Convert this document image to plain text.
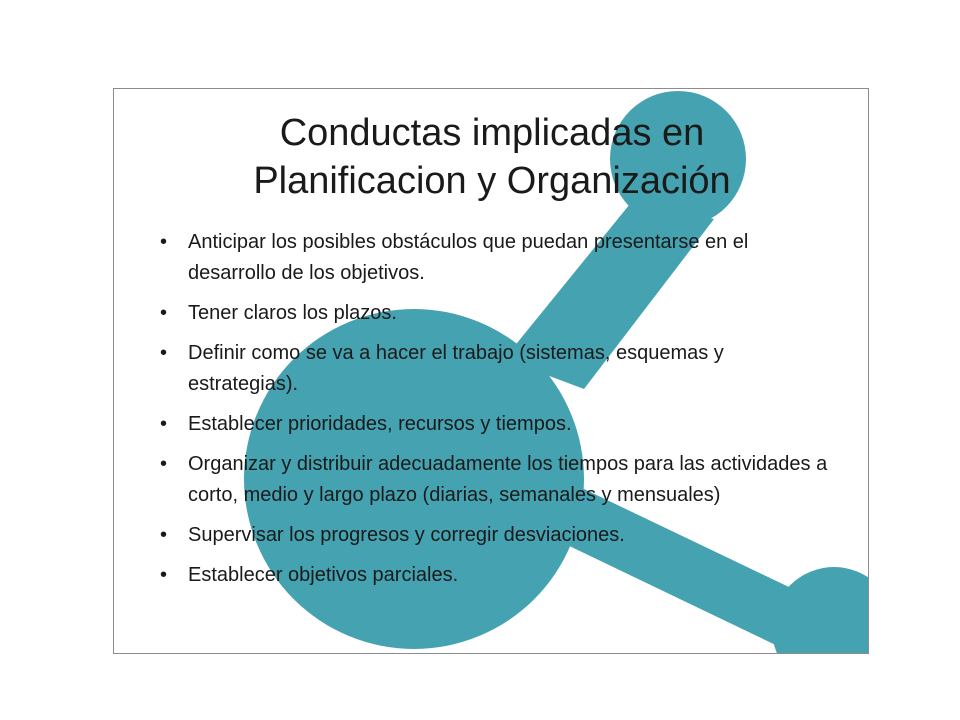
Conductas implicadas en
Planificacion y Organización
• Anticipar los posibles obstáculos que puedan presentarse en el desarrollo de los objetivos.
• Tener claros los plazos.
• Definir como se va a hacer el trabajo (sistemas, esquemas y estrategias).
• Establecer prioridades, recursos y tiempos.
• Organizar y distribuir adecuadamente los tiempos para las actividades a corto, medio y largo plazo (diarias, semanales y mensuales)
• Supervisar los progresos y corregir desviaciones.
• Establecer objetivos parciales.
